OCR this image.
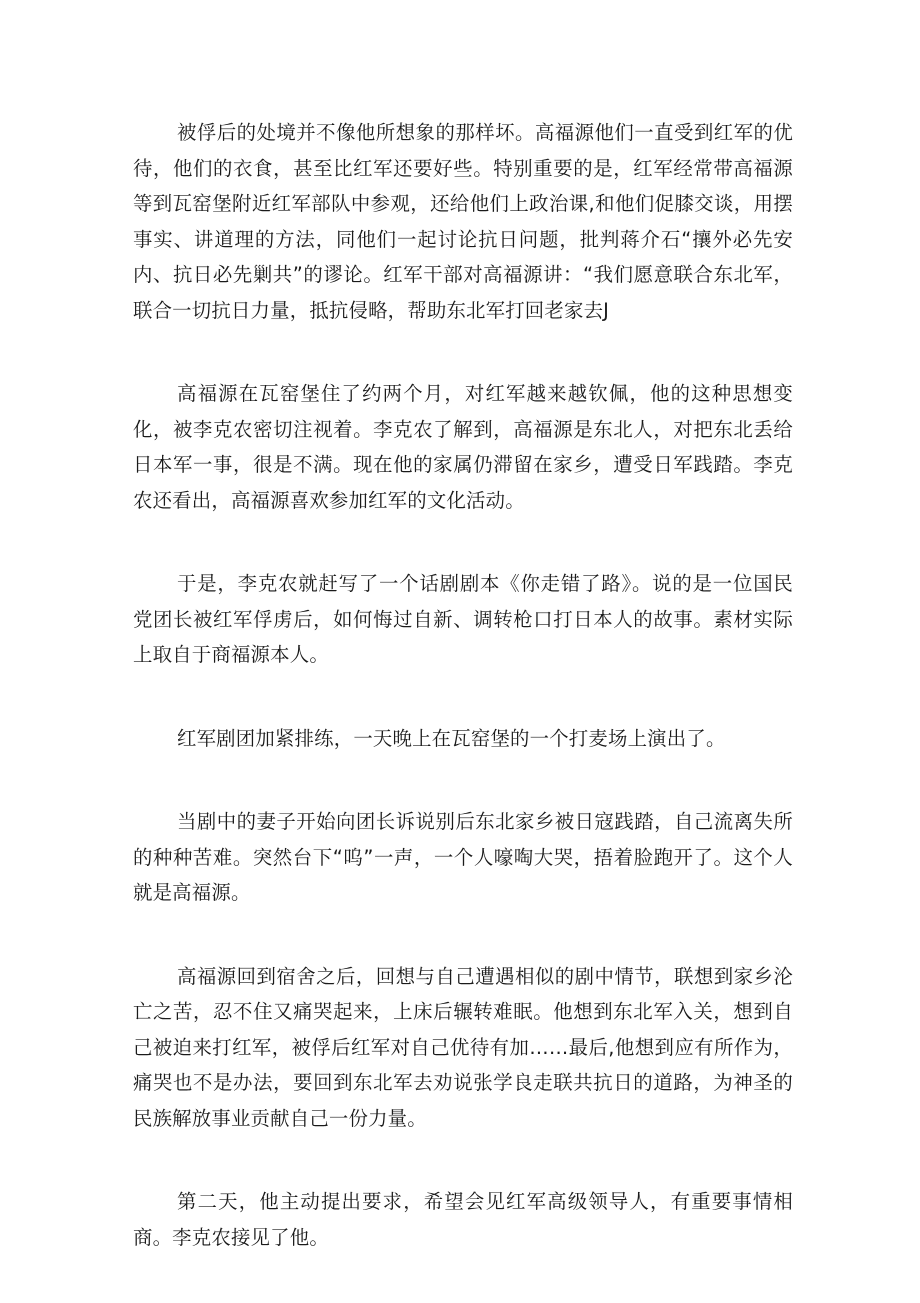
被俘后的处境并不像他所想象的那样坏。高福源他们一直受到红军的优待，他们的衣食，甚至比红军还要好些。特别重要的是，红军经常带高福源等到瓦窑堡附近红军部队中参观，还给他们上政治课,和他们促膝交谈，用摆事实、讲道理的方法，同他们一起讨论抗日问题，批判蒋介石“攘外必先安内、抗日必先剿共”的谬论。红军干部对高福源讲：“我们愿意联合东北军，联合一切抗日力量，抵抗侵略，帮助东北军打回老家去J

高福源在瓦窑堡住了约两个月，对红军越来越钦佩，他的这种思想变化，被李克农密切注视着。李克农了解到，高福源是东北人，对把东北丢给日本军一事，很是不满。现在他的家属仍滞留在家乡，遭受日军践踏。李克农还看出，高福源喜欢参加红军的文化活动。

于是，李克农就赶写了一个话剧剧本《你走错了路》。说的是一位国民党团长被红军俘虏后，如何悔过自新、调转枪口打日本人的故事。素材实际上取自于商福源本人。

红军剧团加紧排练，一天晚上在瓦窑堡的一个打麦场上演出了。

当剧中的妻子开始向团长诉说别后东北家乡被日寇践踏，自己流离失所的种种苦难。突然台下“呜”一声，一个人嚎啕大哭，捂着脸跑开了。这个人就是高福源。

高福源回到宿舍之后，回想与自己遭遇相似的剧中情节，联想到家乡沦亡之苦，忍不住又痛哭起来，上床后辗转难眠。他想到东北军入关，想到自己被迫来打红军，被俘后红军对自己优待有加……最后,他想到应有所作为，痛哭也不是办法，要回到东北军去劝说张学良走联共抗日的道路，为神圣的民族解放事业贡献自己一份力量。

第二天，他主动提出要求，希望会见红军高级领导人，有重要事情相商。李克农接见了他。
